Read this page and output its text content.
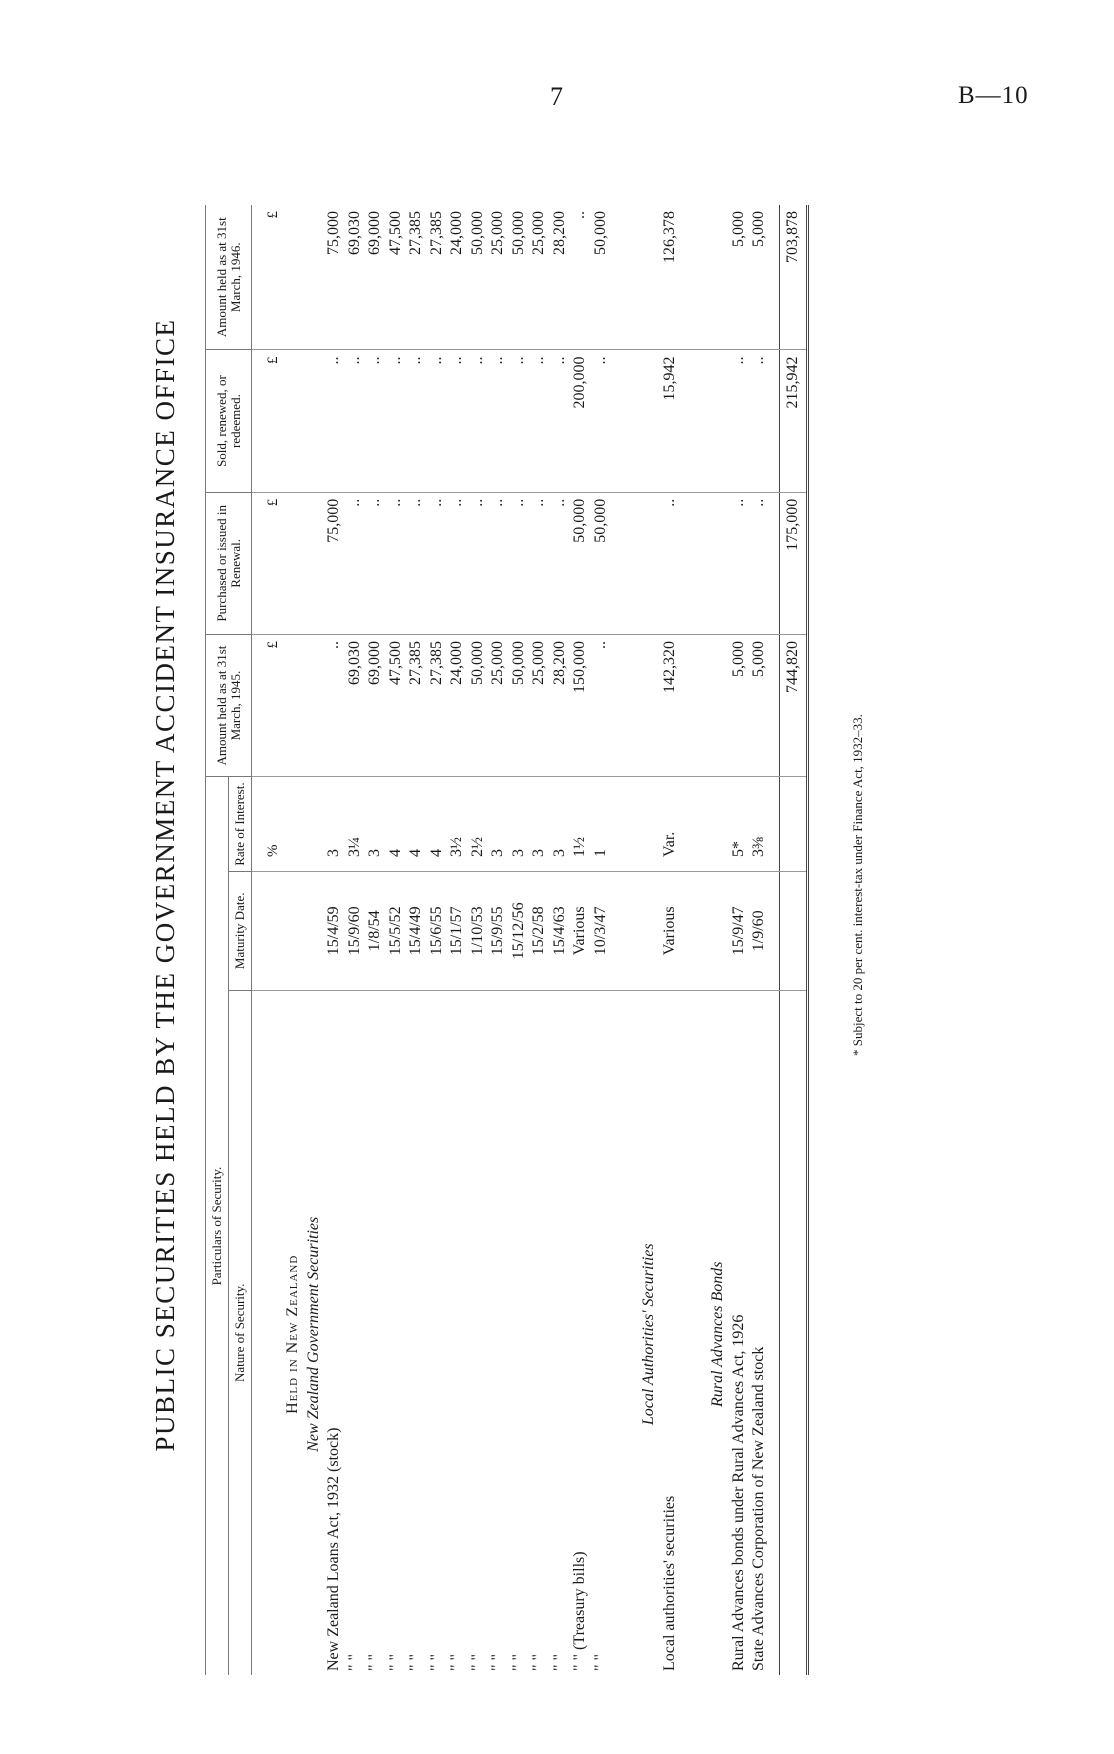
7	B—10
PUBLIC SECURITIES HELD BY THE GOVERNMENT ACCIDENT INSURANCE OFFICE Particulars of Security.			Amount held as at 31st March, 1945.	Purchased or issued in Renewal.	Sold, renewed, or redeemed.	Amount held as at 31st March, 1946.
Nature of Security.	Maturity Date.	Rate of Interest.				

		%	£	£	£	£
Held in New Zealand						
New Zealand Government Securities						
New Zealand Loans Act, 1932 (stock)	15/4/59	3	..	75,000	..	75,000
" "	15/9/60	3¼	69,030	..	..	69,030
" "	1/8/54	3	69,000	..	..	69,000
" "	15/5/52	4	47,500	..	..	47,500
" "	15/4/49	4	27,385	..	..	27,385
" "	15/6/55	4	27,385	..	..	27,385
" "	15/1/57	3½	24,000	..	..	24,000
" "	1/10/53	2½	50,000	..	..	50,000
" "	15/9/55	3	25,000	..	..	25,000
" "	15/12/56	3	50,000	..	..	50,000
" "	15/2/58	3	25,000	..	..	25,000
" "	15/4/63	3	28,200	..	..	28,200
" " (Treasury bills)	Various	1½	150,000	50,000	200,000	..
" "	10/3/47	1	..	50,000	..	50,000

Local Authorities' Securities						
Local authorities' securities	Various	Var.	142,320	..	15,942	126,378

Rural Advances Bonds						
Rural Advances bonds under Rural Advances Act, 1926	15/9/47	5*	5,000	..	..	5,000
State Advances Corporation of New Zealand stock	1/9/60	3⅜	5,000	..	..	5,000

			744,820	175,000	215,942	703,878
* Subject to 20 per cent. interest-tax under Finance Act, 1932–33.
